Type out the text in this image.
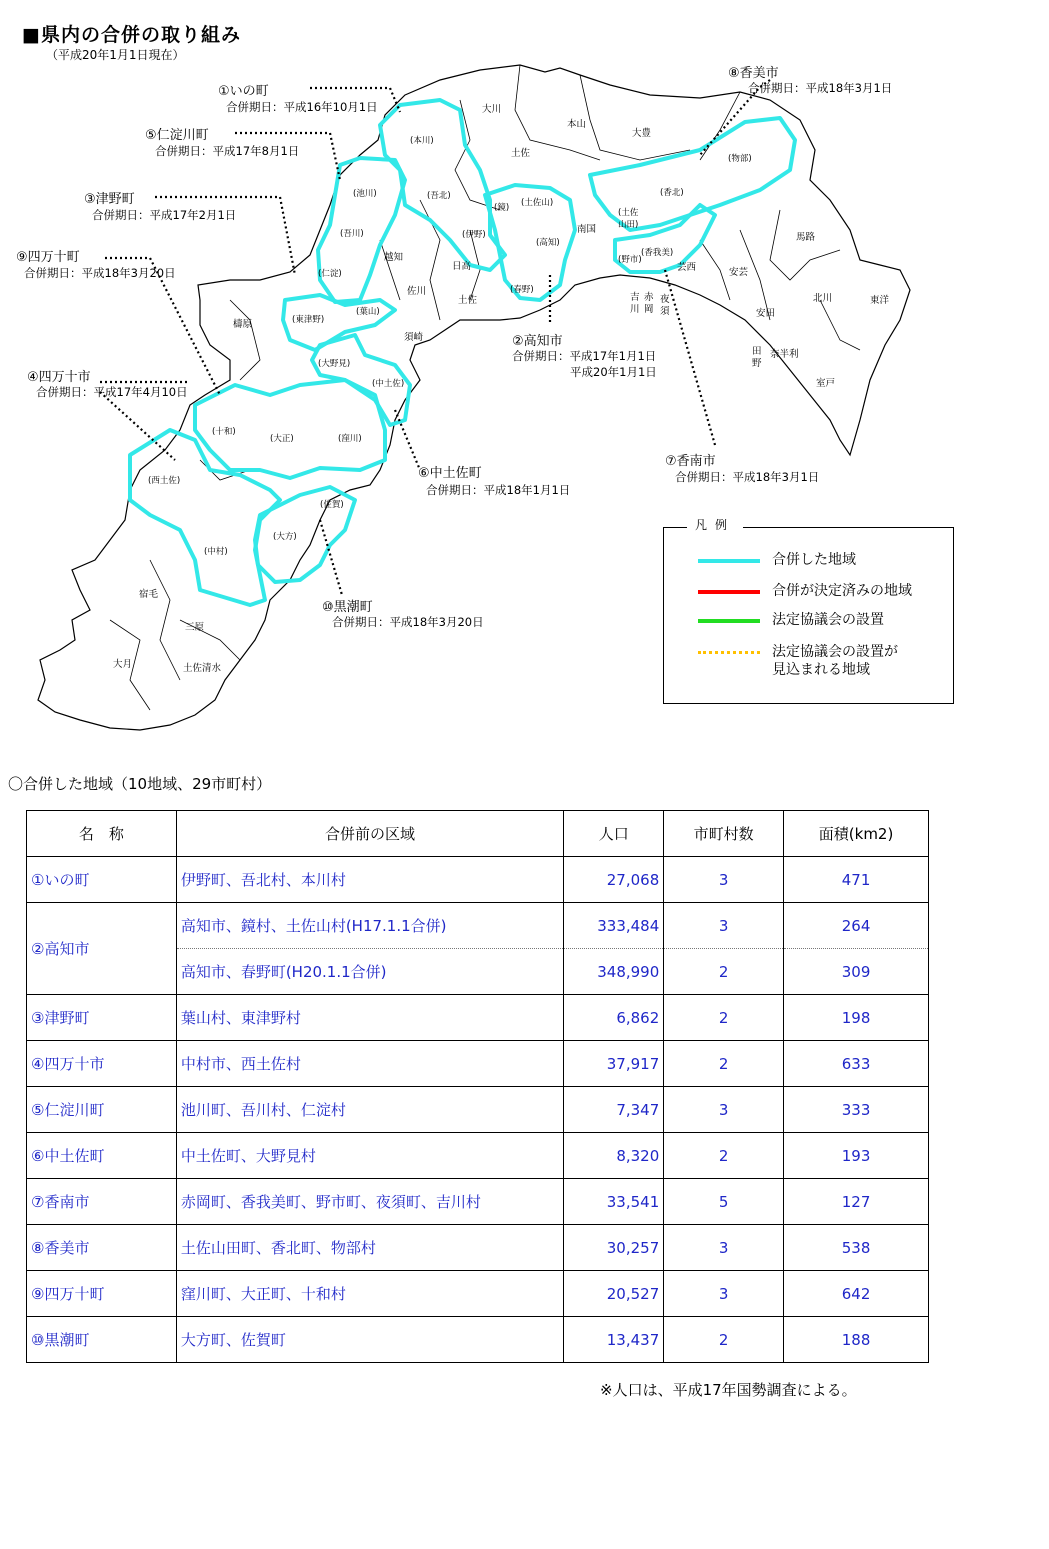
■県内の合併の取り組み
（平成20年1月1日現在）
①いの町
合併期日：平成16年10月1日
⑤仁淀川町
合併期日：平成17年8月1日
③津野町
合併期日：平成17年2月1日
⑨四万十町
合併期日：平成18年3月20日
④四万十市
合併期日：平成17年4月10日
⑧香美市
合併期日：平成18年3月1日
②高知市
合併期日：平成17年1月1日
平成20年1月1日
⑥中土佐町
合併期日：平成18年1月1日
⑦香南市
合併期日：平成18年3月1日
⑩黒潮町
合併期日：平成18年3月20日
大川
本山
大豊
土佐
(本川)
(物部)
(香北)
(池川)	(吾北)
(鏡) (土佐山)
(土佐山田)
南国
(高知)
(吾川)	(伊野)	馬路
越知
日高
(仁淀)
(香我美)
(野市)
芸西	安芸
(春野)
佐川
土佐
(東津野)
(葉山)
檮原
須崎
北川	東洋
安田
吉川
赤岡
夜須
田野
奈半利
室戸
(大野見)
(中土佐)
(十和)
(大正)	(窪川)
(西土佐)
(佐賀)
(大方)
(中村)
宿毛
三原
大月	土佐清水
合併した地域
合併が決定済みの地域
法定協議会の設置
法定協議会の設置が
見込まれる地域
凡例
〇合併した地域（10地域、29市町村）
名　称	合併前の区域	人口	市町村数	面積(km2)
①いの町	伊野町、吾北村、本川村	27,068	3	471
②高知市	高知市、鏡村、土佐山村(H17.1.1合併)	333,484	3	264
	高知市、春野町(H20.1.1合併)	348,990	2	309
③津野町	葉山村、東津野村	6,862	2	198
④四万十市	中村市、西土佐村	37,917	2	633
⑤仁淀川町	池川町、吾川村、仁淀村	7,347	3	333
⑥中土佐町	中土佐町、大野見村	8,320	2	193
⑦香南市	赤岡町、香我美町、野市町、夜須町、吉川村	33,541	5	127
⑧香美市	土佐山田町、香北町、物部村	30,257	3	538
⑨四万十町	窪川町、大正町、十和村	20,527	3	642
⑩黒潮町	大方町、佐賀町	13,437	2	188
※人口は、平成17年国勢調査による。
